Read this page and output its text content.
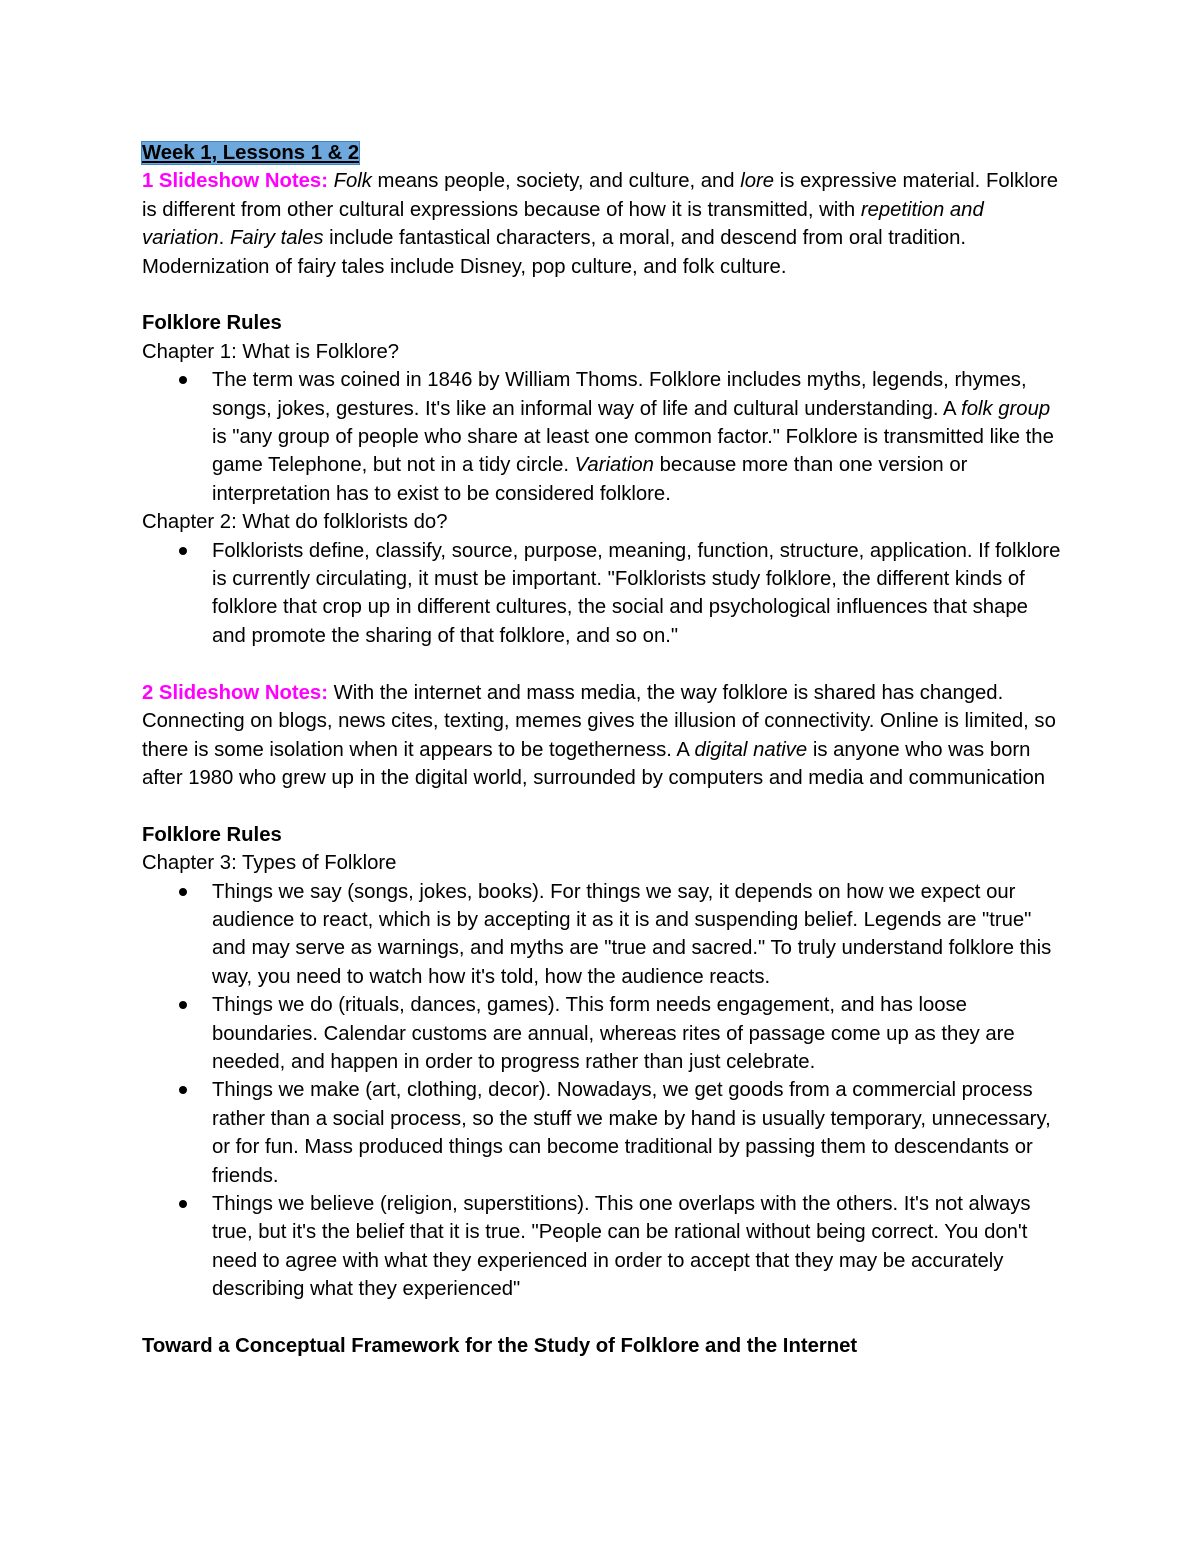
Week 1, Lessons 1 & 2

1 Slideshow Notes: Folk means people, society, and culture, and lore is expressive material. Folklore is different from other cultural expressions because of how it is transmitted, with repetition and variation. Fairy tales include fantastical characters, a moral, and descend from oral tradition. Modernization of fairy tales include Disney, pop culture, and folk culture.

Folklore Rules

Chapter 1: What is Folklore?

The term was coined in 1846 by William Thoms. Folklore includes myths, legends, rhymes, songs, jokes, gestures. It's like an informal way of life and cultural understanding. A folk group is "any group of people who share at least one common factor." Folklore is transmitted like the game Telephone, but not in a tidy circle. Variation because more than one version or interpretation has to exist to be considered folklore.

Chapter 2: What do folklorists do?

Folklorists define, classify, source, purpose, meaning, function, structure, application. If folklore is currently circulating, it must be important. "Folklorists study folklore, the different kinds of folklore that crop up in different cultures, the social and psychological influences that shape and promote the sharing of that folklore, and so on."

2 Slideshow Notes: With the internet and mass media, the way folklore is shared has changed. Connecting on blogs, news cites, texting, memes gives the illusion of connectivity. Online is limited, so there is some isolation when it appears to be togetherness. A digital native is anyone who was born after 1980 who grew up in the digital world, surrounded by computers and media and communication

Folklore Rules

Chapter 3: Types of Folklore

Things we say (songs, jokes, books). For things we say, it depends on how we expect our audience to react, which is by accepting it as it is and suspending belief. Legends are "true" and may serve as warnings, and myths are "true and sacred." To truly understand folklore this way, you need to watch how it's told, how the audience reacts.
Things we do (rituals, dances, games). This form needs engagement, and has loose boundaries. Calendar customs are annual, whereas rites of passage come up as they are needed, and happen in order to progress rather than just celebrate.
Things we make (art, clothing, decor). Nowadays, we get goods from a commercial process rather than a social process, so the stuff we make by hand is usually temporary, unnecessary, or for fun. Mass produced things can become traditional by passing them to descendants or friends.
Things we believe (religion, superstitions). This one overlaps with the others. It's not always true, but it's the belief that it is true. "People can be rational without being correct. You don't need to agree with what they experienced in order to accept that they may be accurately describing what they experienced"

Toward a Conceptual Framework for the Study of Folklore and the Internet
